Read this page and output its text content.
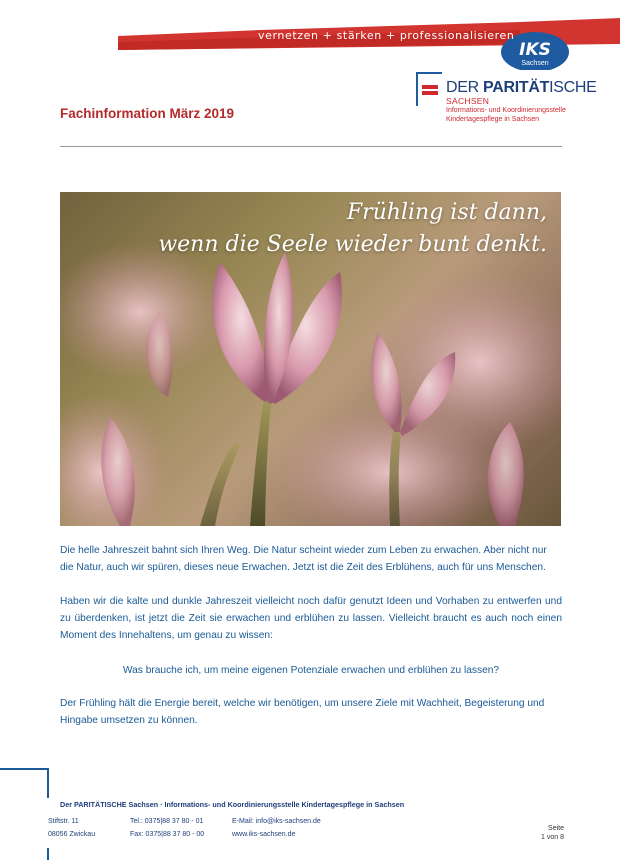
vernetzen + stärken + professionalisieren
IKS
Sachsen
DER PARITÄTISCHE
SACHSEN
Informations- und Koordinierungsstelle
Kindertagespflege in Sachsen
Fachinformation März 2019
Frühling ist dann,
wenn die Seele wieder bunt denkt.

Die helle Jahreszeit bahnt sich Ihren Weg. Die Natur scheint wieder zum Leben zu erwachen. Aber nicht nur die Natur, auch wir spüren, dieses neue Erwachen. Jetzt ist die Zeit des Erblühens, auch für uns Menschen.

Haben wir die kalte und dunkle Jahreszeit vielleicht noch dafür genutzt Ideen und Vorhaben zu entwerfen und zu überdenken, ist jetzt die Zeit sie erwachen und erblühen zu lassen. Vielleicht braucht es auch noch einen Moment des Innehaltens, um genau zu wissen:

Was brauche ich, um meine eigenen Potenziale erwachen und erblühen zu lassen?

Der Frühling hält die Energie bereit, welche wir benötigen, um unsere Ziele mit Wachheit, Begeisterung und Hingabe umsetzen zu können.

Der PARITÄTISCHE Sachsen · Informations- und Koordinierungsstelle Kindertagespflege in Sachsen
Stiftstr. 11
08056 Zwickau
Tel.: 0375|88 37 80 - 01
Fax: 0375|88 37 80 - 00
E-Mail: info@iks-sachsen.de
www.iks-sachsen.de
Seite
1 von 8
